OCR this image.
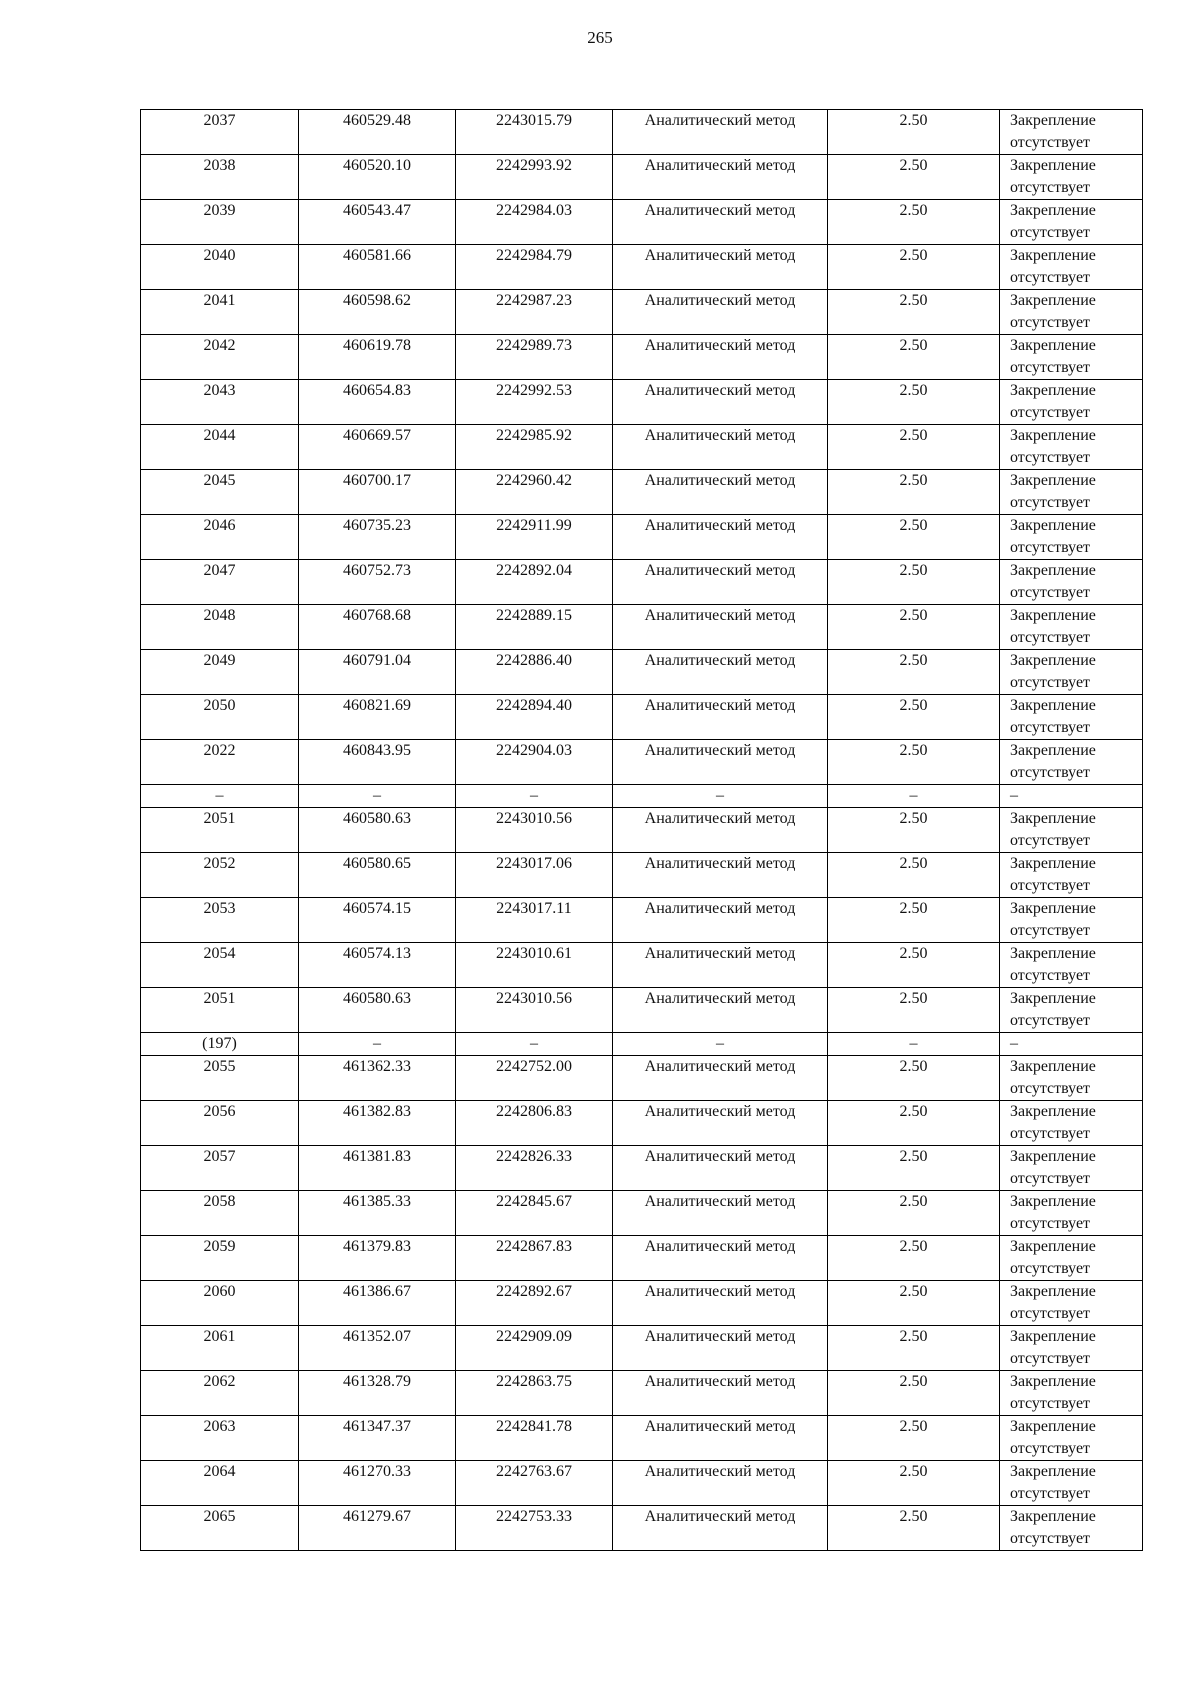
265
2037	460529.48	2243015.79	Аналитический метод	2.50	Закрепление отсутствует
2038	460520.10	2242993.92	Аналитический метод	2.50	Закрепление отсутствует
2039	460543.47	2242984.03	Аналитический метод	2.50	Закрепление отсутствует
2040	460581.66	2242984.79	Аналитический метод	2.50	Закрепление отсутствует
2041	460598.62	2242987.23	Аналитический метод	2.50	Закрепление отсутствует
2042	460619.78	2242989.73	Аналитический метод	2.50	Закрепление отсутствует
2043	460654.83	2242992.53	Аналитический метод	2.50	Закрепление отсутствует
2044	460669.57	2242985.92	Аналитический метод	2.50	Закрепление отсутствует
2045	460700.17	2242960.42	Аналитический метод	2.50	Закрепление отсутствует
2046	460735.23	2242911.99	Аналитический метод	2.50	Закрепление отсутствует
2047	460752.73	2242892.04	Аналитический метод	2.50	Закрепление отсутствует
2048	460768.68	2242889.15	Аналитический метод	2.50	Закрепление отсутствует
2049	460791.04	2242886.40	Аналитический метод	2.50	Закрепление отсутствует
2050	460821.69	2242894.40	Аналитический метод	2.50	Закрепление отсутствует
2022	460843.95	2242904.03	Аналитический метод	2.50	Закрепление отсутствует
–	–	–	–	–	–
2051	460580.63	2243010.56	Аналитический метод	2.50	Закрепление отсутствует
2052	460580.65	2243017.06	Аналитический метод	2.50	Закрепление отсутствует
2053	460574.15	2243017.11	Аналитический метод	2.50	Закрепление отсутствует
2054	460574.13	2243010.61	Аналитический метод	2.50	Закрепление отсутствует
2051	460580.63	2243010.56	Аналитический метод	2.50	Закрепление отсутствует
(197)	–	–	–	–	–
2055	461362.33	2242752.00	Аналитический метод	2.50	Закрепление отсутствует
2056	461382.83	2242806.83	Аналитический метод	2.50	Закрепление отсутствует
2057	461381.83	2242826.33	Аналитический метод	2.50	Закрепление отсутствует
2058	461385.33	2242845.67	Аналитический метод	2.50	Закрепление отсутствует
2059	461379.83	2242867.83	Аналитический метод	2.50	Закрепление отсутствует
2060	461386.67	2242892.67	Аналитический метод	2.50	Закрепление отсутствует
2061	461352.07	2242909.09	Аналитический метод	2.50	Закрепление отсутствует
2062	461328.79	2242863.75	Аналитический метод	2.50	Закрепление отсутствует
2063	461347.37	2242841.78	Аналитический метод	2.50	Закрепление отсутствует
2064	461270.33	2242763.67	Аналитический метод	2.50	Закрепление отсутствует
2065	461279.67	2242753.33	Аналитический метод	2.50	Закрепление отсутствует
